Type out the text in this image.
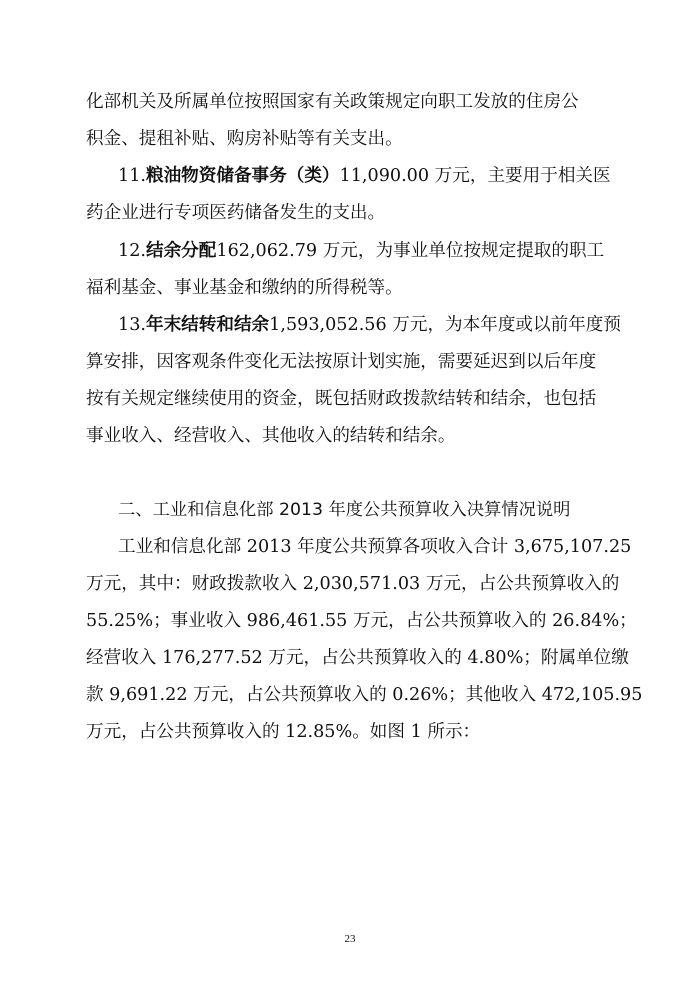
化部机关及所属单位按照国家有关政策规定向职工发放的住房公
积金、提租补贴、购房补贴等有关支出。
11.粮油物资储备事务（类）11,090.00 万元，主要用于相关医
药企业进行专项医药储备发生的支出。
12.结余分配162,062.79 万元，为事业单位按规定提取的职工
福利基金、事业基金和缴纳的所得税等。
13.年末结转和结余1,593,052.56 万元，为本年度或以前年度预
算安排，因客观条件变化无法按原计划实施，需要延迟到以后年度
按有关规定继续使用的资金，既包括财政拨款结转和结余，也包括
事业收入、经营收入、其他收入的结转和结余。
二、工业和信息化部 2013 年度公共预算收入决算情况说明
工业和信息化部 2013 年度公共预算各项收入合计 3,675,107.25
万元，其中：财政拨款收入 2,030,571.03 万元，占公共预算收入的
55.25%；事业收入 986,461.55 万元，占公共预算收入的 26.84%；
经营收入 176,277.52 万元，占公共预算收入的 4.80%；附属单位缴
款 9,691.22 万元，占公共预算收入的 0.26%；其他收入 472,105.95
万元，占公共预算收入的 12.85%。如图 1 所示：
23
